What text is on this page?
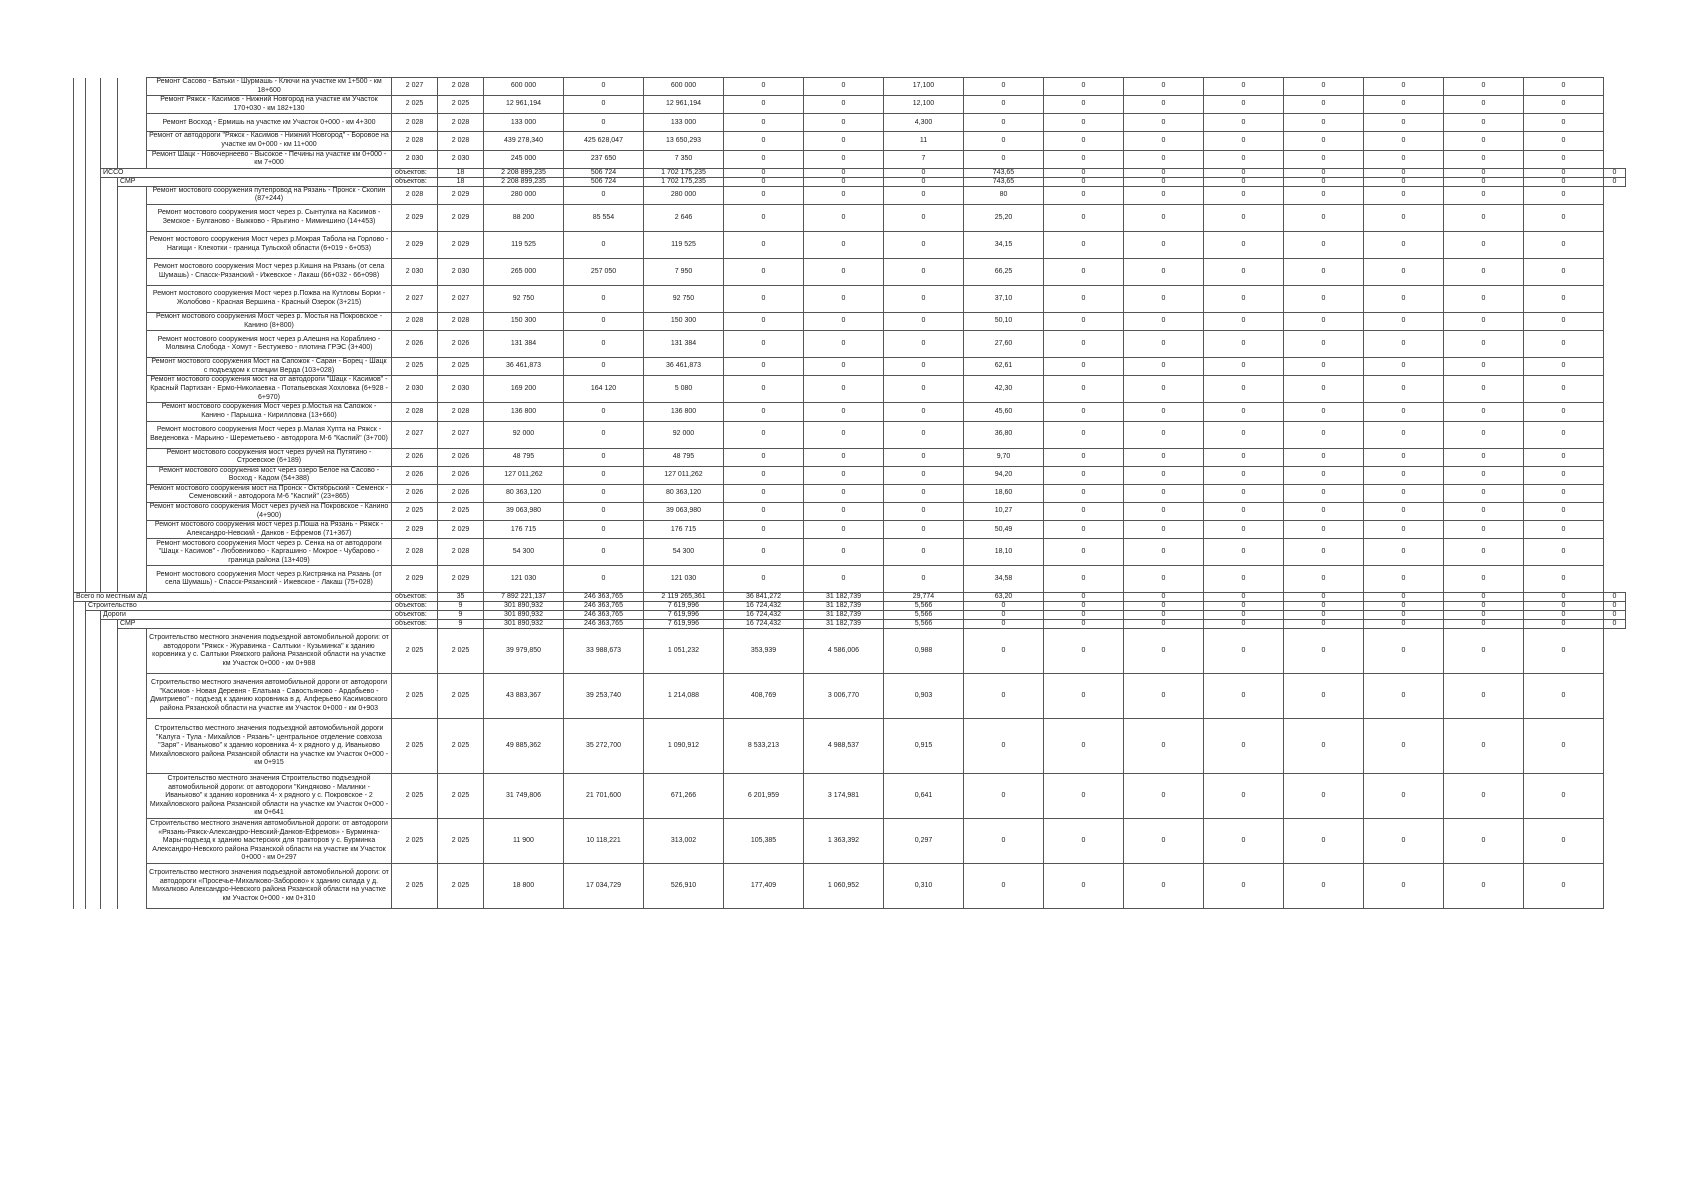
				Ремонт Сасово - Батьки - Шурмашь - Ключи на участке км 1+500 - км 18+600	2 027	2 028	600 000	0	600 000	0	0	17,100	0	0	0	0	0	0	0	0	
				Ремонт Ряжск - Касимов - Нижний Новгород на участке км Участок 170+030 - км 182+130	2 025	2 025	12 961,194	0	12 961,194	0	0	12,100	0	0	0	0	0	0	0	0	
				Ремонт Восход - Ермишь на участке км Участок 0+000 - км 4+300	2 028	2 028	133 000	0	133 000	0	0	4,300	0	0	0	0	0	0	0	0	
				Ремонт от автодороги "Ряжск - Касимов - Нижний Новгород" - Боровое на участке км 0+000 - км 11+000	2 028	2 028	439 278,340	425 628,047	13 650,293	0	0	11	0	0	0	0	0	0	0	0	
				Ремонт Шацк - Новочернеево - Высокое - Печины на участке км 0+000 - км 7+000	2 030	2 030	245 000	237 650	7 350	0	0	7	0	0	0	0	0	0	0	0	
		ИССО			объектов:	18	2 208 899,235	506 724	1 702 175,235	0	0	0	743,65	0	0	0	0	0	0	0	0
			СМР		объектов:	18	2 208 899,235	506 724	1 702 175,235	0	0	0	743,65	0	0	0	0	0	0	0	0
				Ремонт мостового сооружения путепровод на Рязань - Пронск - Скопин (87+244)	2 028	2 029	280 000	0	280 000	0	0	0	80	0	0	0	0	0	0	0	
				Ремонт мостового сооружения мост через р. Сынтулка на Касимов - Земское - Булганово - Выжково - Ярыгино - Миминшино (14+453)	2 029	2 029	88 200	85 554	2 646	0	0	0	25,20	0	0	0	0	0	0	0	
				Ремонт мостового сооружения Мост через р.Мокрая Табола на Горлово - Нагищи - Клекотки - граница Тульской области (6+019 - 6+053)	2 029	2 029	119 525	0	119 525	0	0	0	34,15	0	0	0	0	0	0	0	
				Ремонт мостового сооружения Мост через р.Кишня на Рязань (от села Шумашь) - Спасск-Рязанский - Ижевское - Лакаш (66+032 - 66+098)	2 030	2 030	265 000	257 050	7 950	0	0	0	66,25	0	0	0	0	0	0	0	
				Ремонт мостового сооружения Мост через р.Пожва на Кутловы Борки - Жолобово - Красная Вершина - Красный Озерок (3+215)	2 027	2 027	92 750	0	92 750	0	0	0	37,10	0	0	0	0	0	0	0	
				Ремонт мостового сооружения Мост через р. Мостья на Покровское - Канино (8+800)	2 028	2 028	150 300	0	150 300	0	0	0	50,10	0	0	0	0	0	0	0	
				Ремонт мостового сооружения мост через р.Алешня на Кораблино - Молвина Слобода - Хомут - Бестужево - плотина ГРЭС (3+400)	2 026	2 026	131 384	0	131 384	0	0	0	27,60	0	0	0	0	0	0	0	
				Ремонт мостового сооружения Мост на Сапожок - Саран - Борец - Шацк с подъездом к станции Верда (103+028)	2 025	2 025	36 461,873	0	36 461,873	0	0	0	62,61	0	0	0	0	0	0	0	
				Ремонт мостового сооружения мост на от автодороги "Шацк - Касимов" - Красный Партизан - Ермо-Николаевка - Потапьевская Хохловка (6+928 - 6+970)	2 030	2 030	169 200	164 120	5 080	0	0	0	42,30	0	0	0	0	0	0	0	
				Ремонт мостового сооружения Мост через р.Мостья на Сапожок - Канино - Парышка - Кирилловка (13+660)	2 028	2 028	136 800	0	136 800	0	0	0	45,60	0	0	0	0	0	0	0	
				Ремонт мостового сооружения Мост через р.Малая Хупта на Ряжск - Введеновка - Марьино - Шереметьево - автодорога М-6 "Каспий" (3+700)	2 027	2 027	92 000	0	92 000	0	0	0	36,80	0	0	0	0	0	0	0	
				Ремонт мостового сооружения мост через ручей на Путятино - Строевское (6+189)	2 026	2 026	48 795	0	48 795	0	0	0	9,70	0	0	0	0	0	0	0	
				Ремонт мостового сооружения мост через озеро Белое на Сасово - Восход - Кадом (54+388)	2 026	2 026	127 011,262	0	127 011,262	0	0	0	94,20	0	0	0	0	0	0	0	
				Ремонт мостового сооружения мост на Пронск - Октябрьский - Семенск - Семеновский - автодорога М-6 "Каспий" (23+865)	2 026	2 026	80 363,120	0	80 363,120	0	0	0	18,60	0	0	0	0	0	0	0	
				Ремонт мостового сооружения Мост через ручей на Покровское - Канино (4+900)	2 025	2 025	39 063,980	0	39 063,980	0	0	0	10,27	0	0	0	0	0	0	0	
				Ремонт мостового сооружения мост через р.Поша на Рязань - Ряжск - Александро-Невский - Данков - Ефремов (71+367)	2 029	2 029	176 715	0	176 715	0	0	0	50,49	0	0	0	0	0	0	0	
				Ремонт мостового сооружения Мост через р. Сенка на от автодороги "Шацк - Касимов" - Любовниково - Каргашино - Мокрое - Чубарово - граница района (13+409)	2 028	2 028	54 300	0	54 300	0	0	0	18,10	0	0	0	0	0	0	0	
				Ремонт мостового сооружения Мост через р.Кистрянка на Рязань (от села Шумашь) - Спасск-Рязанский - Ижевское - Лакаш (75+028)	2 029	2 029	121 030	0	121 030	0	0	0	34,58	0	0	0	0	0	0	0	
Всего по местным а/д					объектов:	35	7 892 221,137	246 363,765	2 119 265,361	36 841,272	31 182,739	29,774	63,20	0	0	0	0	0	0	0	0
	Строительство				объектов:	9	301 890,932	246 363,765	7 619,996	16 724,432	31 182,739	5,566	0	0	0	0	0	0	0	0	0
		Дороги			объектов:	9	301 890,932	246 363,765	7 619,996	16 724,432	31 182,739	5,566	0	0	0	0	0	0	0	0	0
			СМР		объектов:	9	301 890,932	246 363,765	7 619,996	16 724,432	31 182,739	5,566	0	0	0	0	0	0	0	0	0
				Строительство местного значения подъездной автомобильной дороги: от автодороги "Ряжск - Журавинка - Салтыки - Кузьминка" к зданию коровника у с. Салтыки Ряжского района Рязанской области на участке км Участок 0+000 - км 0+988	2 025	2 025	39 979,850	33 988,673	1 051,232	353,939	4 586,006	0,988	0	0	0	0	0	0	0	0	
				Строительство местного значения автомобильной дороги от автодороги "Касимов - Новая Деревня - Елатьма - Савостьяново - Ардабьево - Дмитриево" - подъезд к зданию коровника в д. Алферьево Касимовского района Рязанской области на участке км Участок 0+000 - км 0+903	2 025	2 025	43 883,367	39 253,740	1 214,088	408,769	3 006,770	0,903	0	0	0	0	0	0	0	0	
				Строительство местного значения подъездной автомобильной дороги "Калуга - Тула - Михайлов - Рязань"- центральное отделение совхоза "Заря" - Иваньково" к зданию коровника 4- х рядного у д. Иваньково Михайловского района Рязанской области на участке км Участок 0+000 - км 0+915	2 025	2 025	49 885,362	35 272,700	1 090,912	8 533,213	4 988,537	0,915	0	0	0	0	0	0	0	0	
				Строительство местного значения Строительство подъездной автомобильной дороги: от автодороги "Киндяково - Малинки - Иваньково" к зданию коровника 4- х рядного у с. Покровское - 2 Михайловского района Рязанской области на участке км Участок 0+000 - км 0+641	2 025	2 025	31 749,806	21 701,600	671,266	6 201,959	3 174,981	0,641	0	0	0	0	0	0	0	0	
				Строительство местного значения автомобильной дороги: от автодороги «Рязань-Ряжск-Александро-Невский-Данков-Ефремов» - Бурминка-Мары-подъезд к зданию мастерских для тракторов у с. Бурминка Александро-Невского района Рязанской области на участке км Участок 0+000 - км 0+297	2 025	2 025	11 900	10 118,221	313,002	105,385	1 363,392	0,297	0	0	0	0	0	0	0	0	
				Строительство местного значения подъездной автомобильной дороги: от автодороги «Просечье-Михалково-Заборово» к зданию склада у д. Михалково Александро-Невского района Рязанской области на участке км Участок 0+000 - км 0+310	2 025	2 025	18 800	17 034,729	526,910	177,409	1 060,952	0,310	0	0	0	0	0	0	0	0	
